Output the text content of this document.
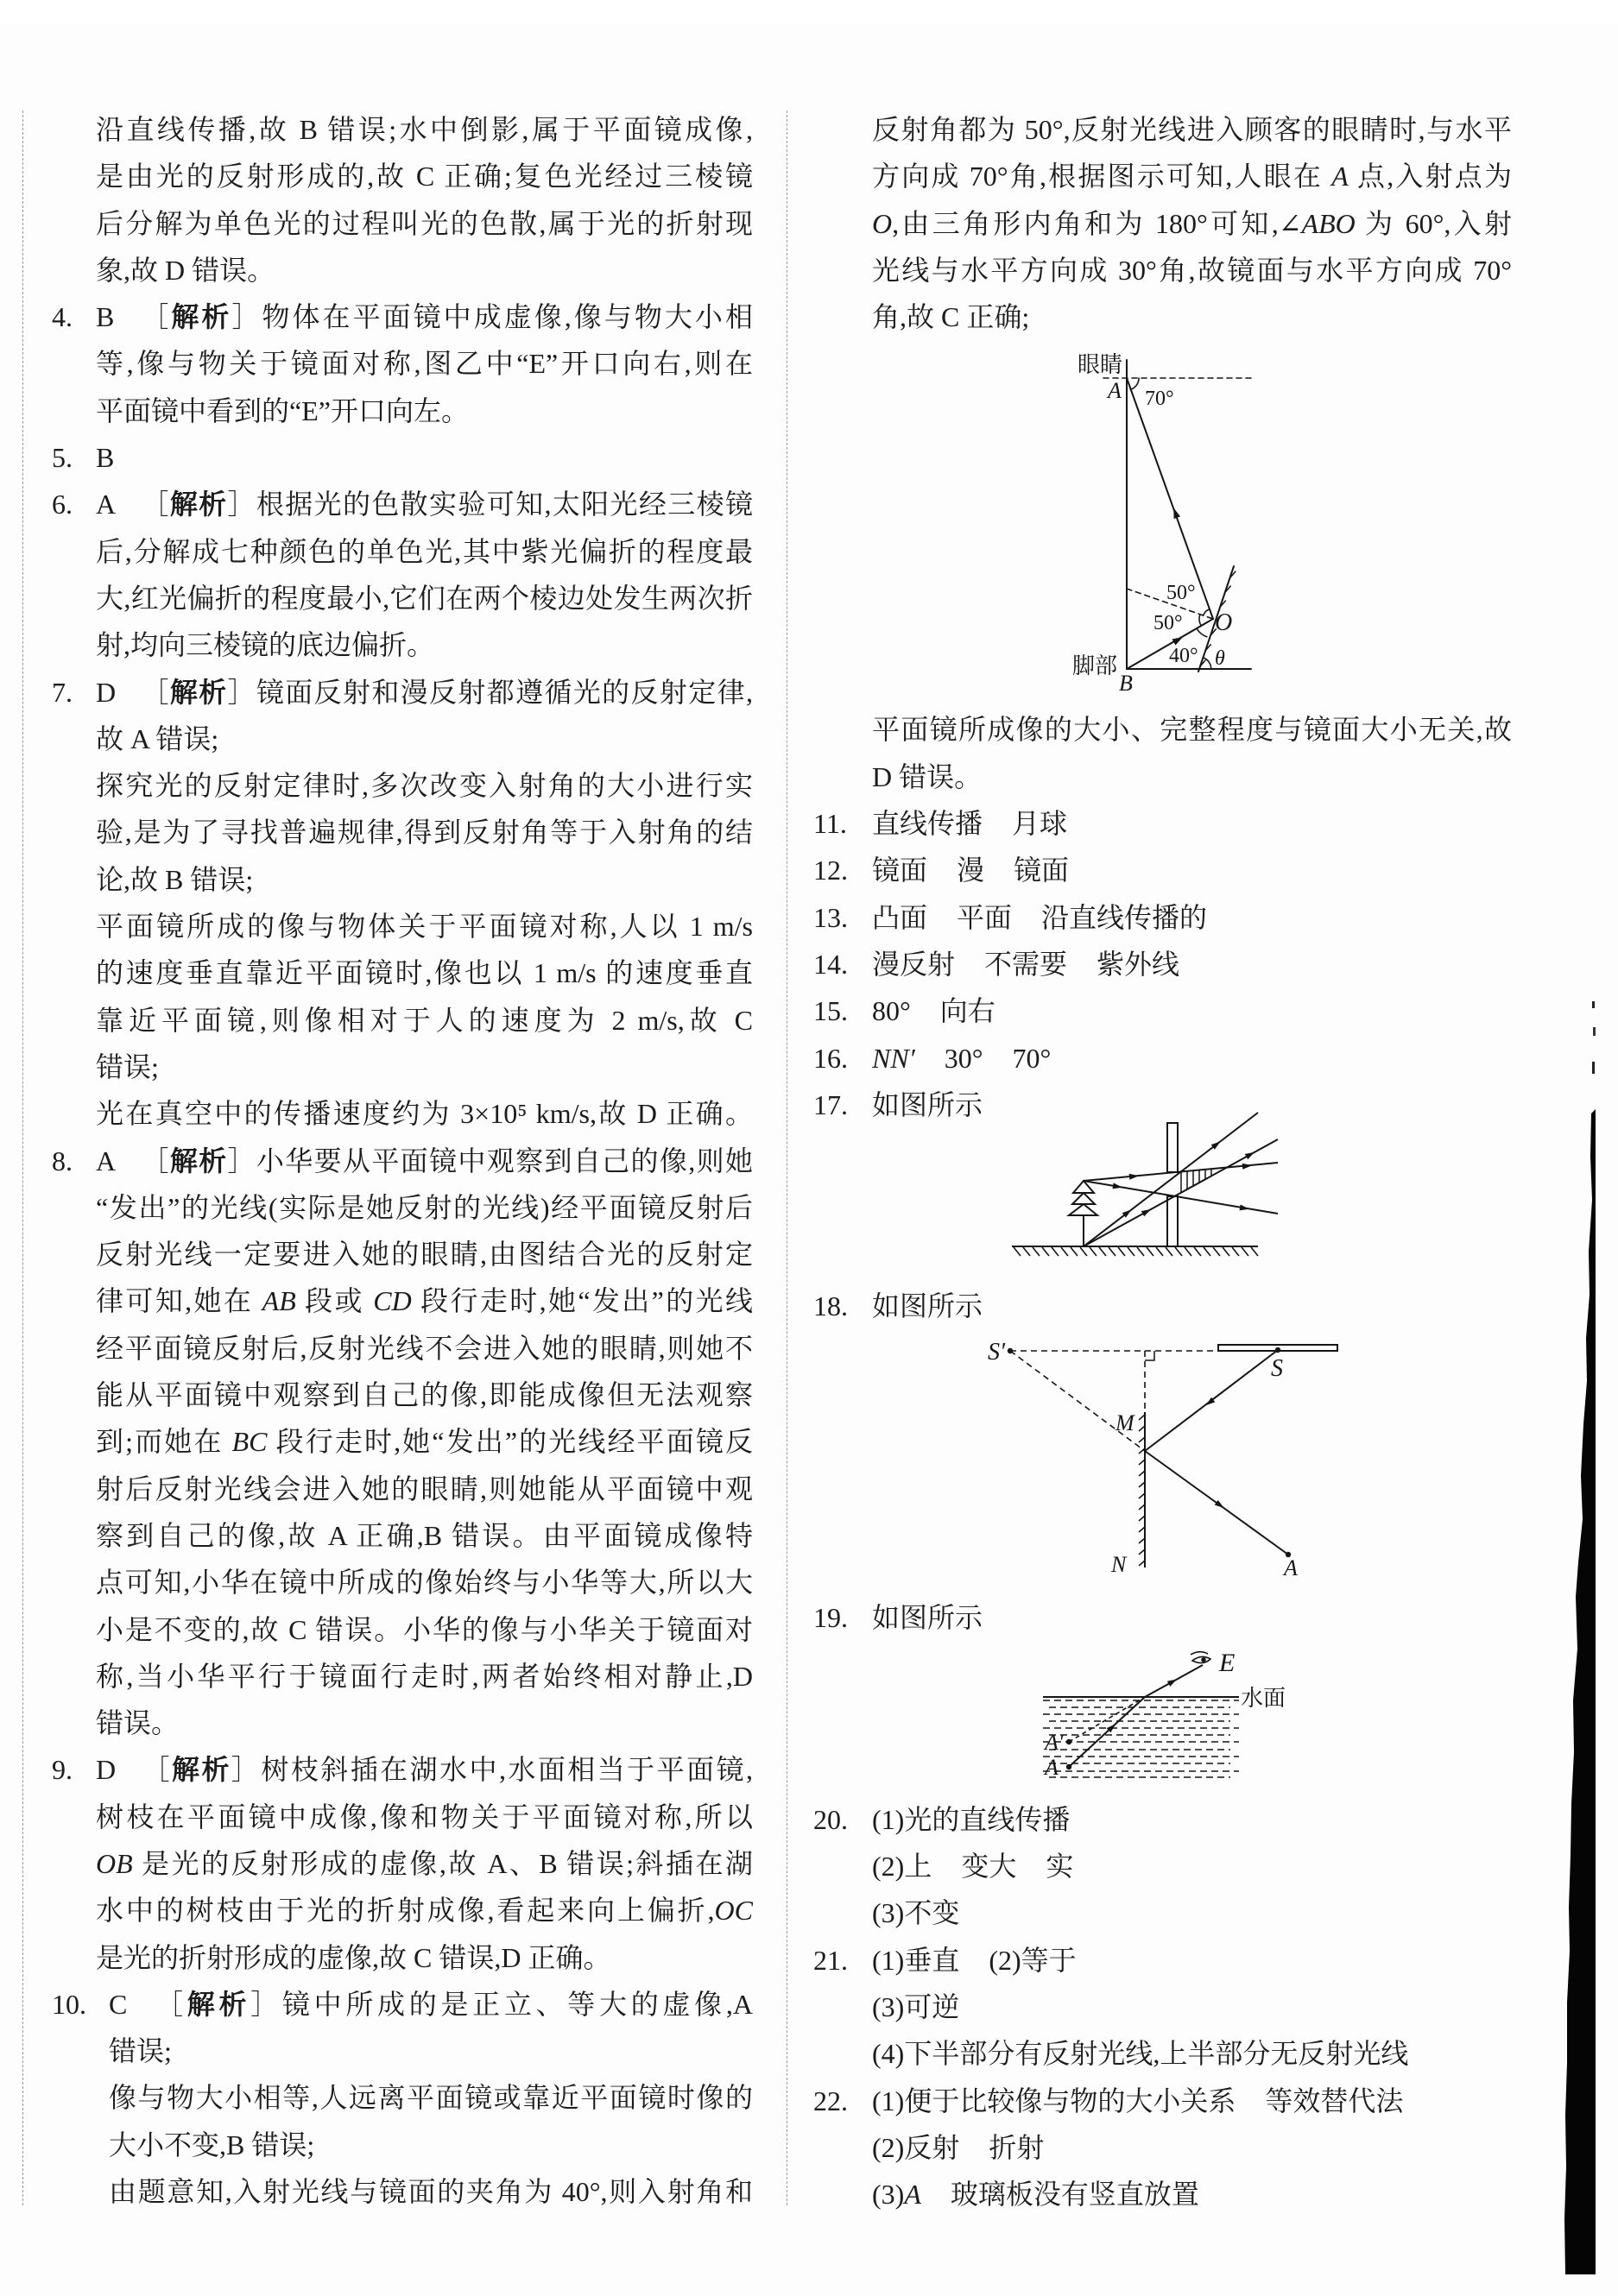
沿直线传播,故 B 错误;水中倒影,属于平面镜成像,
是由光的反射形成的,故 C 正确;复色光经过三棱镜
后分解为单色光的过程叫光的色散,属于光的折射现
象,故 D 错误。
4. B ［解析］物体在平面镜中成虚像,像与物大小相
等,像与物关于镜面对称,图乙中“E”开口向右,则在
平面镜中看到的“E”开口向左。
5. B
6. A ［解析］根据光的色散实验可知,太阳光经三棱镜
后,分解成七种颜色的单色光,其中紫光偏折的程度最
大,红光偏折的程度最小,它们在两个棱边处发生两次折
射,均向三棱镜的底边偏折。
7. D ［解析］镜面反射和漫反射都遵循光的反射定律,
故 A 错误;
探究光的反射定律时,多次改变入射角的大小进行实
验,是为了寻找普遍规律,得到反射角等于入射角的结
论,故 B 错误;
平面镜所成的像与物体关于平面镜对称,人以 1 m/s
的速度垂直靠近平面镜时,像也以 1 m/s 的速度垂直
靠近平面镜,则像相对于人的速度为 2 m/s,故 C
错误;
光在真空中的传播速度约为 3×10⁵ km/s,故 D 正确。
8. A ［解析］小华要从平面镜中观察到自己的像,则她
“发出”的光线(实际是她反射的光线)经平面镜反射后
反射光线一定要进入她的眼睛,由图结合光的反射定
律可知,她在 AB 段或 CD 段行走时,她“发出”的光线
经平面镜反射后,反射光线不会进入她的眼睛,则她不
能从平面镜中观察到自己的像,即能成像但无法观察
到;而她在 BC 段行走时,她“发出”的光线经平面镜反
射后反射光线会进入她的眼睛,则她能从平面镜中观
察到自己的像,故 A 正确,B 错误。由平面镜成像特
点可知,小华在镜中所成的像始终与小华等大,所以大
小是不变的,故 C 错误。小华的像与小华关于镜面对
称,当小华平行于镜面行走时,两者始终相对静止,D
错误。
9. D ［解析］树枝斜插在湖水中,水面相当于平面镜,
树枝在平面镜中成像,像和物关于平面镜对称,所以
OB 是光的反射形成的虚像,故 A、B 错误;斜插在湖
水中的树枝由于光的折射成像,看起来向上偏折,OC
是光的折射形成的虚像,故 C 错误,D 正确。
10. C ［解析］镜中所成的是正立、等大的虚像,A
错误;
像与物大小相等,人远离平面镜或靠近平面镜时像的
大小不变,B 错误;
由题意知,入射光线与镜面的夹角为 40°,则入射角和
反射角都为 50°,反射光线进入顾客的眼睛时,与水平
方向成 70°角,根据图示可知,人眼在 A 点,入射点为
O,由三角形内角和为 180°可知,∠ABO 为 60°,入射
光线与水平方向成 30°角,故镜面与水平方向成 70°
角,故 C 正确;
眼睛
A 70°
50°
50°
40° θ
O
脚部
B
平面镜所成像的大小、完整程度与镜面大小无关,故
D 错误。
11. 直线传播 月球
12. 镜面 漫 镜面
13. 凸面 平面 沿直线传播的
14. 漫反射 不需要 紫外线
15. 80° 向右
16. NN′ 30° 70°
17. 如图所示
18. 如图所示
S′
S
M
N	A
19. 如图所示
E
水面
A′
A
20. (1)光的直线传播
(2)上 变大 实
(3)不变
21. (1)垂直 (2)等于
(3)可逆
(4)下半部分有反射光线,上半部分无反射光线
22. (1)便于比较像与物的大小关系 等效替代法
(2)反射 折射
(3)A 玻璃板没有竖直放置
